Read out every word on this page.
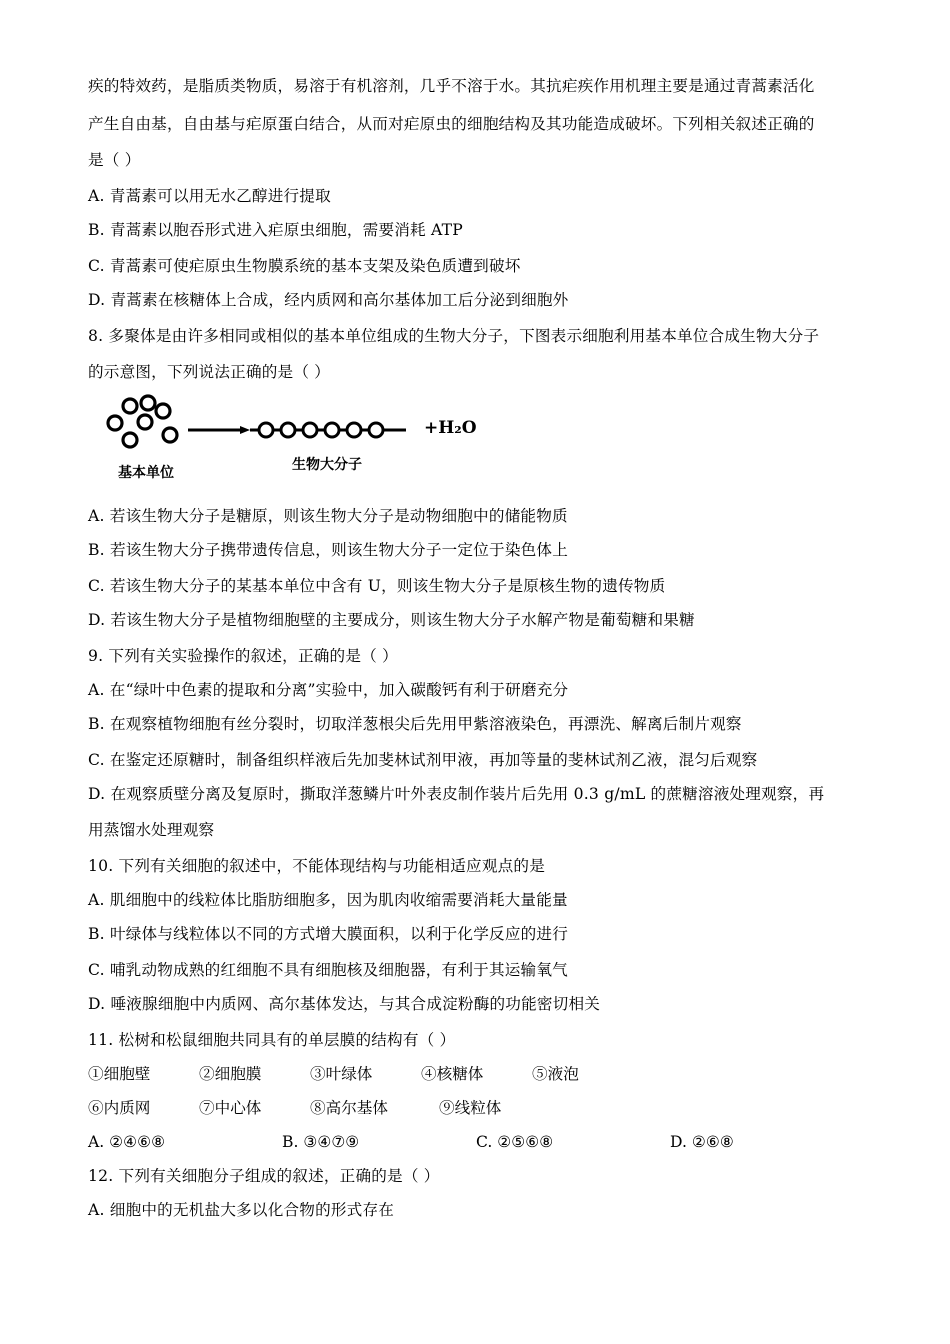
疾的特效药，是脂质类物质，易溶于有机溶剂，几乎不溶于水。其抗疟疾作用机理主要是通过青蒿素活化
产生自由基，自由基与疟原蛋白结合，从而对疟原虫的细胞结构及其功能造成破坏。下列相关叙述正确的
是（ ）
A. 青蒿素可以用无水乙醇进行提取
B. 青蒿素以胞吞形式进入疟原虫细胞，需要消耗 ATP
C. 青蒿素可使疟原虫生物膜系统的基本支架及染色质遭到破坏
D. 青蒿素在核糖体上合成，经内质网和高尔基体加工后分泌到细胞外
8. 多聚体是由许多相同或相似的基本单位组成的生物大分子，下图表示细胞利用基本单位合成生物大分子
的示意图，下列说法正确的是（ ）
+H₂O
基本单位	生物大分子
A. 若该生物大分子是糖原，则该生物大分子是动物细胞中的储能物质
B. 若该生物大分子携带遗传信息，则该生物大分子一定位于染色体上
C. 若该生物大分子的某基本单位中含有 U，则该生物大分子是原核生物的遗传物质
D. 若该生物大分子是植物细胞壁的主要成分，则该生物大分子水解产物是葡萄糖和果糖
9. 下列有关实验操作的叙述，正确的是（ ）
A. 在“绿叶中色素的提取和分离”实验中，加入碳酸钙有利于研磨充分
B. 在观察植物细胞有丝分裂时，切取洋葱根尖后先用甲紫溶液染色，再漂洗、解离后制片观察
C. 在鉴定还原糖时，制备组织样液后先加斐林试剂甲液，再加等量的斐林试剂乙液，混匀后观察
D. 在观察质壁分离及复原时，撕取洋葱鳞片叶外表皮制作装片后先用 0.3 g/mL 的蔗糖溶液处理观察，再
用蒸馏水处理观察
10. 下列有关细胞的叙述中，不能体现结构与功能相适应观点的是
A. 肌细胞中的线粒体比脂肪细胞多，因为肌肉收缩需要消耗大量能量
B. 叶绿体与线粒体以不同的方式增大膜面积，以利于化学反应的进行
C. 哺乳动物成熟的红细胞不具有细胞核及细胞器，有利于其运输氧气
D. 唾液腺细胞中内质网、高尔基体发达，与其合成淀粉酶的功能密切相关
11. 松树和松鼠细胞共同具有的单层膜的结构有（ ）
①细胞壁	②细胞膜	③叶绿体	④核糖体	⑤液泡
⑥内质网	⑦中心体	⑧高尔基体	⑨线粒体
A. ②④⑥⑧	B. ③④⑦⑨	C. ②⑤⑥⑧	D. ②⑥⑧
12. 下列有关细胞分子组成的叙述，正确的是（ ）
A. 细胞中的无机盐大多以化合物的形式存在
